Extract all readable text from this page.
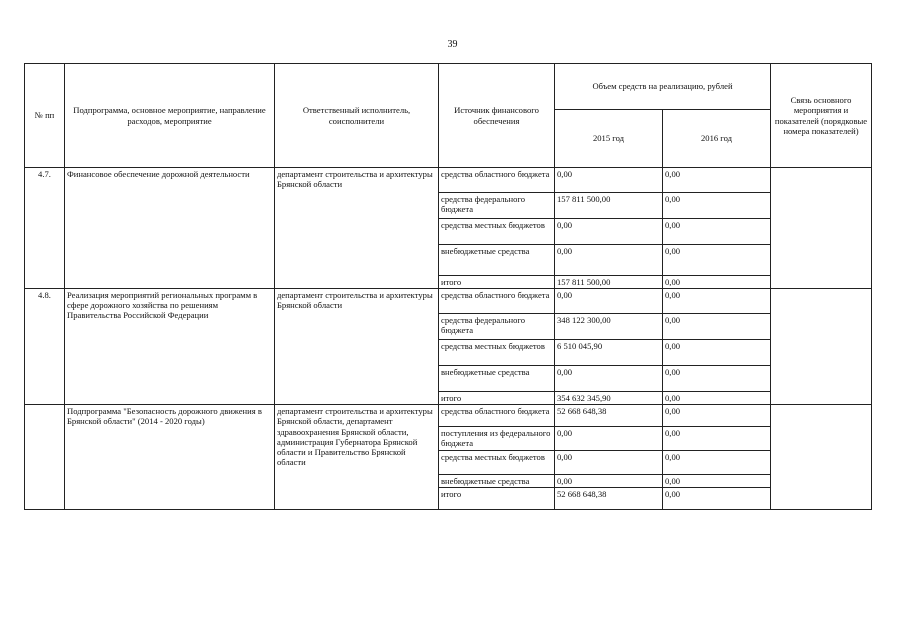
39
№ пп	Подпрограмма, основное мероприятие, направление расходов, мероприятие	Ответственный исполнитель, соисполнители	Источник финансового обеспечения	Объем средств на реализацию, рублей		Связь основного мероприятия и показателей (порядковые номера показателей)
				2015 год	2016 год	
4.7.	Финансовое обеспечение дорожной деятельности	департамент строительства и архитектуры Брянской области	средства областного бюджета	0,00	0,00	
			средства федерального бюджета	157 811 500,00	0,00	
			средства местных бюджетов	0,00	0,00	
			внебюджетные средства	0,00	0,00	
			итого	157 811 500,00	0,00	
4.8.	Реализация мероприятий региональных программ в сфере дорожного хозяйства по решениям Правительства Российской Федерации	департамент строительства и архитектуры Брянской области	средства областного бюджета	0,00	0,00	
			средства федерального бюджета	348 122 300,00	0,00	
			средства местных бюджетов	6 510 045,90	0,00	
			внебюджетные средства	0,00	0,00	
			итого	354 632 345,90	0,00	
	Подпрограмма "Безопасность дорожного движения в Брянской области" (2014 - 2020 годы)	департамент строительства и архитектуры Брянской области, департамент здравоохранения Брянской области, администрация Губернатора Брянской области и Правительство Брянской области	средства областного бюджета	52 668 648,38	0,00	
			поступления из федерального бюджета	0,00	0,00	
			средства местных бюджетов	0,00	0,00	
			внебюджетные средства	0,00	0,00	
			итого	52 668 648,38	0,00	
